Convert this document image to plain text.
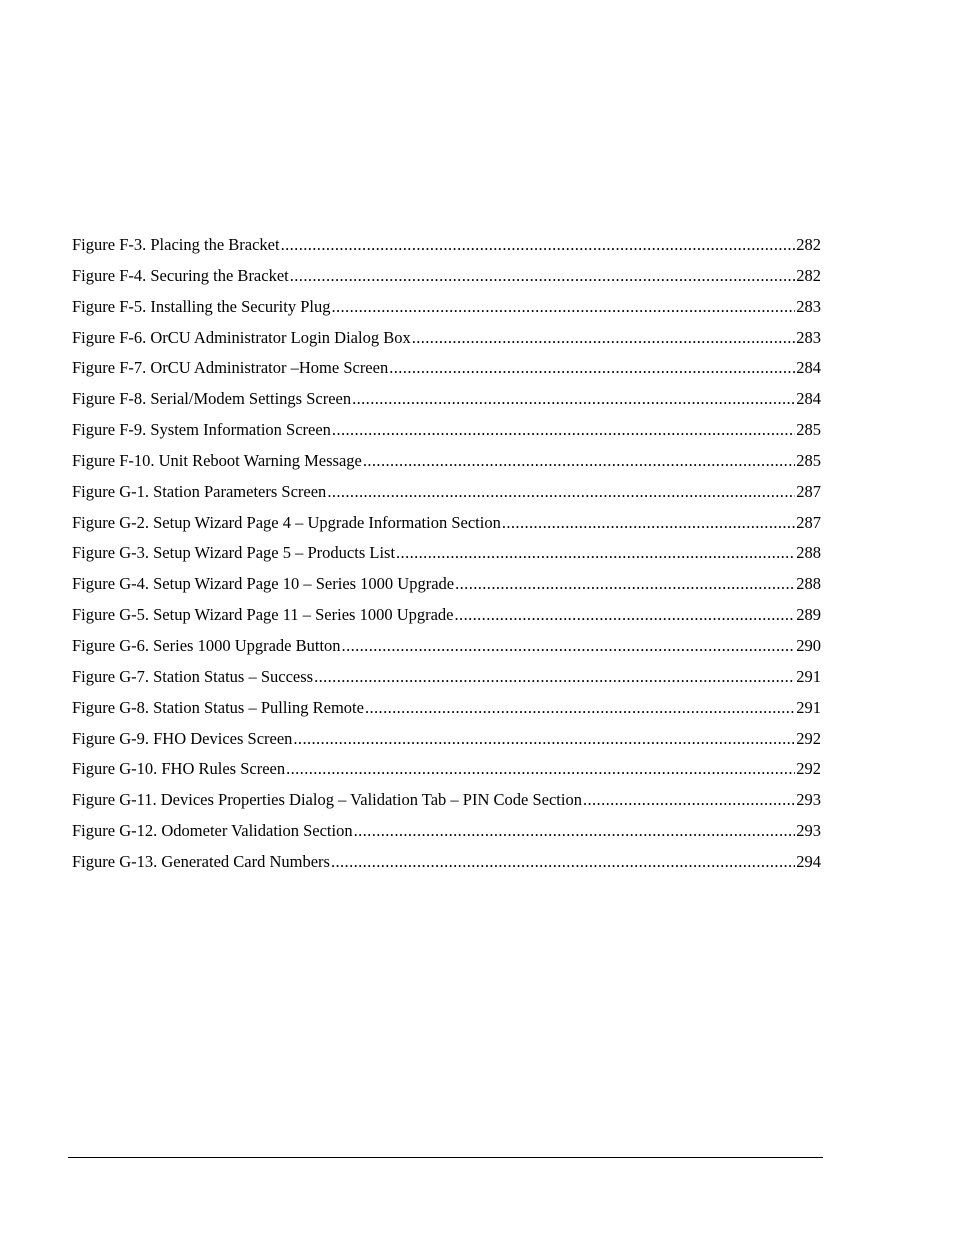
Figure F-3. Placing the Bracket .....	282
Figure F-4. Securing the Bracket .....	282
Figure F-5. Installing the Security Plug .....	283
Figure F-6. OrCU Administrator Login Dialog Box .....	283
Figure F-7. OrCU Administrator –Home Screen .....	284
Figure F-8. Serial/Modem Settings Screen .....	284
Figure F-9. System Information Screen .....	285
Figure F-10. Unit Reboot Warning Message .....	285
Figure G-1. Station Parameters Screen .....	287
Figure G-2. Setup Wizard Page 4 – Upgrade Information Section .....	287
Figure G-3. Setup Wizard Page 5 – Products List .....	288
Figure G-4. Setup Wizard Page 10 – Series 1000 Upgrade .....	288
Figure G-5. Setup Wizard Page 11 – Series 1000 Upgrade .....	289
Figure G-6. Series 1000 Upgrade Button .....	290
Figure G-7. Station Status – Success .....	291
Figure G-8. Station Status – Pulling Remote .....	291
Figure G-9. FHO Devices Screen .....	292
Figure G-10. FHO Rules Screen .....	292
Figure G-11. Devices Properties Dialog – Validation Tab – PIN Code Section .....	293
Figure G-12. Odometer Validation Section .....	293
Figure G-13. Generated Card Numbers .....	294
